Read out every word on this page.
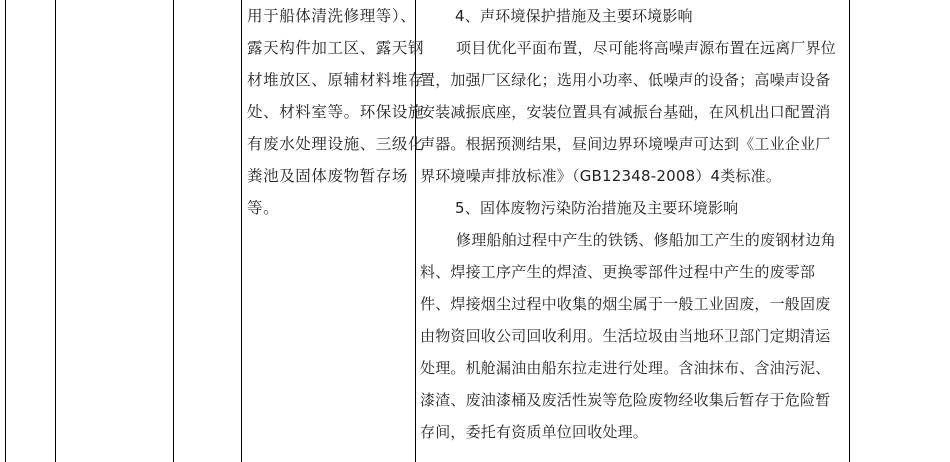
用于船体清洗修理等）、
露天构件加工区、露天钢
材堆放区、原辅材料堆存
处、材料室等。环保设施
有废水处理设施、三级化
粪池及固体废物暂存场
等。
4、声环境保护措施及主要环境影响
项目优化平面布置，尽可能将高噪声源布置在远离厂界位
置，加强厂区绿化；选用小功率、低噪声的设备；高噪声设备
安装减振底座，安装位置具有减振台基础，在风机出口配置消
声器。根据预测结果，昼间边界环境噪声可达到《工业企业厂
界环境噪声排放标准》（GB12348-2008）4类标准。
5、固体废物污染防治措施及主要环境影响
修理船舶过程中产生的铁锈、修船加工产生的废钢材边角
料、焊接工序产生的焊渣、更换零部件过程中产生的废零部
件、焊接烟尘过程中收集的烟尘属于一般工业固废，一般固废
由物资回收公司回收利用。生活垃圾由当地环卫部门定期清运
处理。机舱漏油由船东拉走进行处理。含油抹布、含油污泥、
漆渣、废油漆桶及废活性炭等危险废物经收集后暂存于危险暂
存间，委托有资质单位回收处理。
